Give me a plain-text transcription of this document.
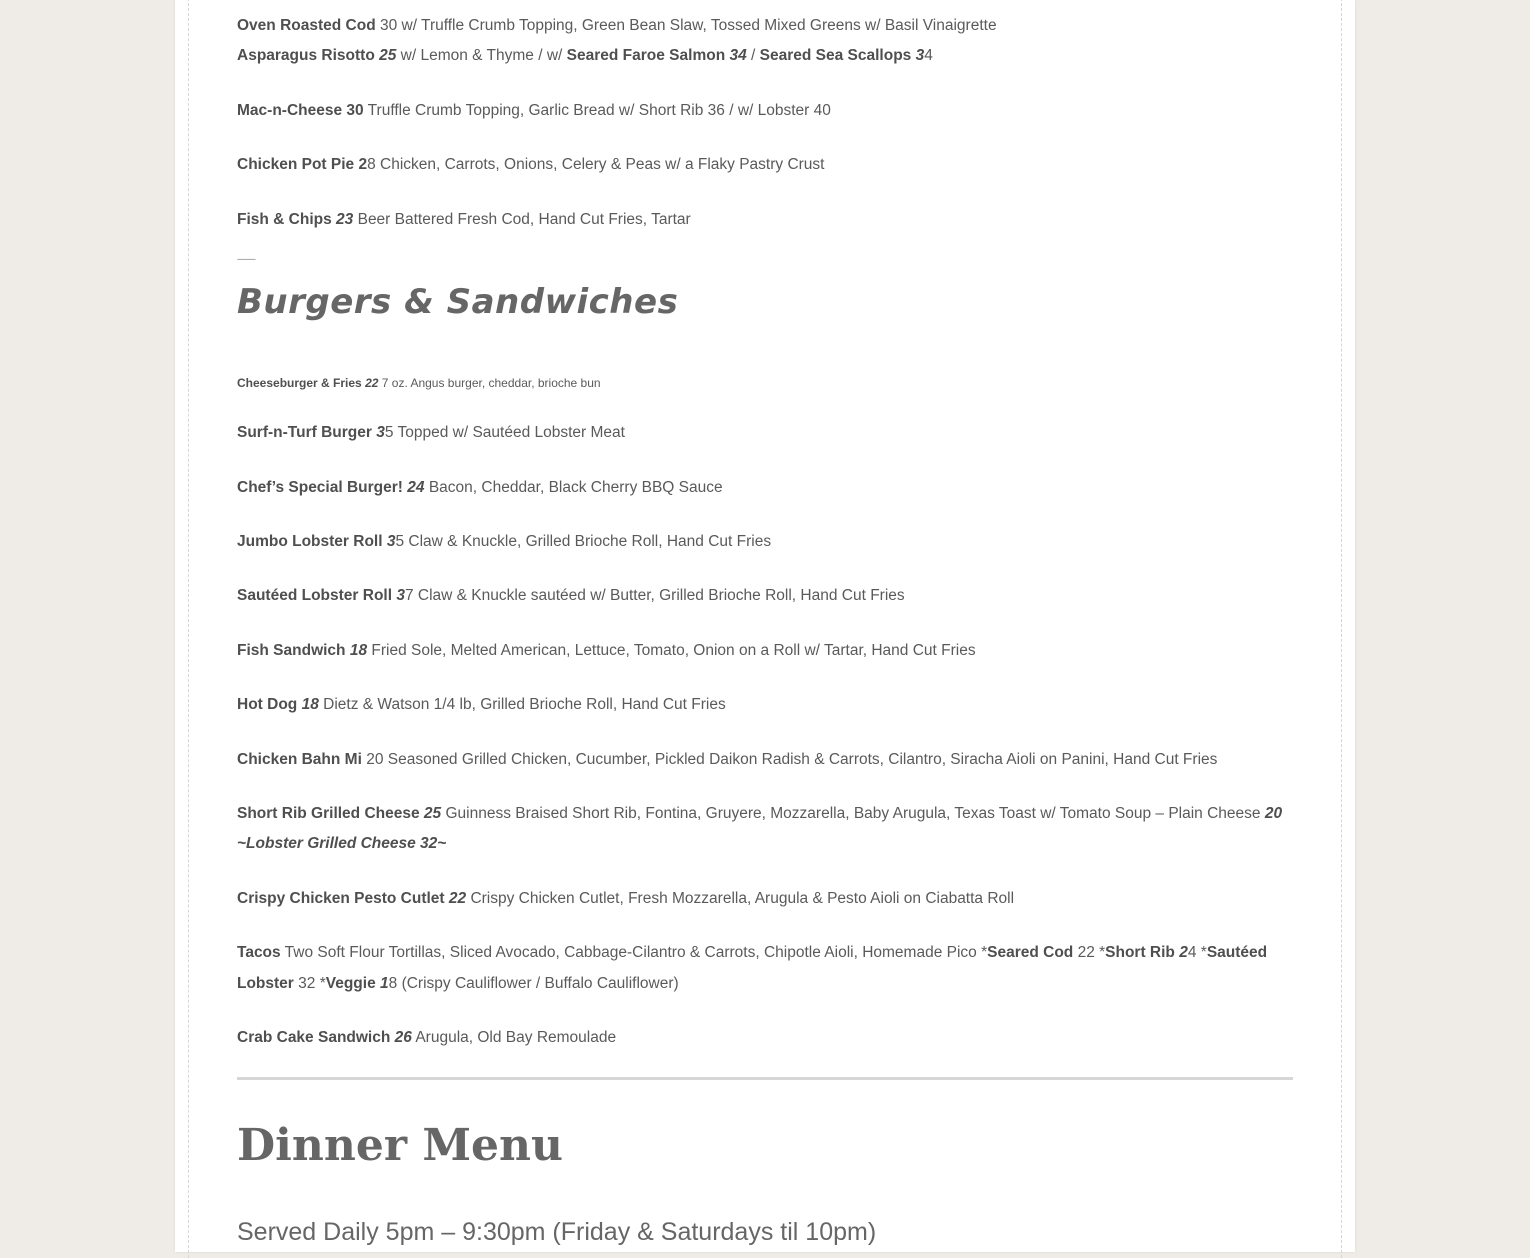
Oven Roasted Cod 30 w/ Truffle Crumb Topping, Green Bean Slaw, Tossed Mixed Greens w/ Basil Vinaigrette
Asparagus Risotto 25 w/ Lemon & Thyme / w/ Seared Faroe Salmon 34 / Seared Sea Scallops 34
Mac-n-Cheese 30 Truffle Crumb Topping, Garlic Bread w/ Short Rib 36 / w/ Lobster 40
Chicken Pot Pie 28 Chicken, Carrots, Onions, Celery & Peas w/ a Flaky Pastry Crust
Fish & Chips 23 Beer Battered Fresh Cod, Hand Cut Fries, Tartar
---------
Burgers & Sandwiches
Cheeseburger & Fries 22 7 oz. Angus burger, cheddar, brioche bun
Surf-n-Turf Burger 35 Topped w/ Sautéed Lobster Meat
Chef’s Special Burger! 24 Bacon, Cheddar, Black Cherry BBQ Sauce
Jumbo Lobster Roll 35 Claw & Knuckle, Grilled Brioche Roll, Hand Cut Fries
Sautéed Lobster Roll 37 Claw & Knuckle sautéed w/ Butter, Grilled Brioche Roll, Hand Cut Fries
Fish Sandwich 18 Fried Sole, Melted American, Lettuce, Tomato, Onion on a Roll w/ Tartar, Hand Cut Fries
Hot Dog 18 Dietz & Watson 1/4 lb, Grilled Brioche Roll, Hand Cut Fries
Chicken Bahn Mi 20 Seasoned Grilled Chicken, Cucumber, Pickled Daikon Radish & Carrots, Cilantro, Siracha Aioli on Panini, Hand Cut Fries
Short Rib Grilled Cheese 25 Guinness Braised Short Rib, Fontina, Gruyere, Mozzarella, Baby Arugula, Texas Toast w/ Tomato Soup – Plain Cheese 20
~Lobster Grilled Cheese 32~
Crispy Chicken Pesto Cutlet 22 Crispy Chicken Cutlet, Fresh Mozzarella, Arugula & Pesto Aioli on Ciabatta Roll
Tacos Two Soft Flour Tortillas, Sliced Avocado, Cabbage-Cilantro & Carrots, Chipotle Aioli, Homemade Pico *Seared Cod 22 *Short Rib 24 *Sautéed
Lobster 32 *Veggie 18 (Crispy Cauliflower / Buffalo Cauliflower)
Crab Cake Sandwich 26 Arugula, Old Bay Remoulade
Dinner Menu
Served Daily 5pm – 9:30pm (Friday & Saturdays til 10pm)
